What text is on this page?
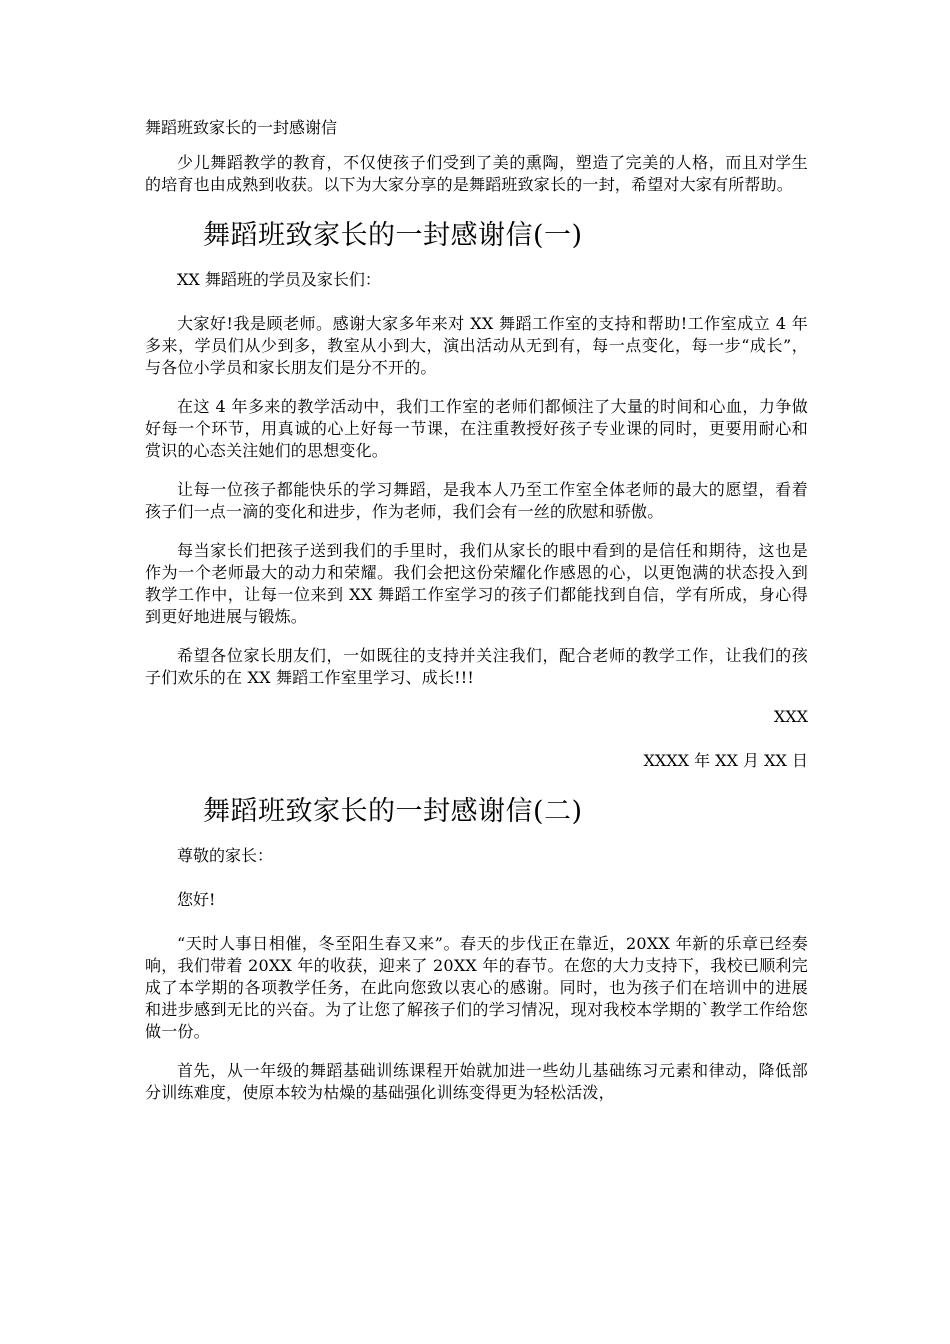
舞蹈班致家长的一封感谢信

少儿舞蹈教学的教育，不仅使孩子们受到了美的熏陶，塑造了完美的人格，而且对学生的培育也由成熟到收获。以下为大家分享的是舞蹈班致家长的一封，希望对大家有所帮助。

舞蹈班致家长的一封感谢信(一)

XX 舞蹈班的学员及家长们：

大家好!我是顾老师。感谢大家多年来对 XX 舞蹈工作室的支持和帮助!工作室成立 4 年多来，学员们从少到多，教室从小到大，演出活动从无到有，每一点变化，每一步“成长”，与各位小学员和家长朋友们是分不开的。

在这 4 年多来的教学活动中，我们工作室的老师们都倾注了大量的时间和心血，力争做好每一个环节，用真诚的心上好每一节课，在注重教授好孩子专业课的同时，更要用耐心和赏识的心态关注她们的思想变化。

让每一位孩子都能快乐的学习舞蹈，是我本人乃至工作室全体老师的最大的愿望，看着孩子们一点一滴的变化和进步，作为老师，我们会有一丝的欣慰和骄傲。

每当家长们把孩子送到我们的手里时，我们从家长的眼中看到的是信任和期待，这也是作为一个老师最大的动力和荣耀。我们会把这份荣耀化作感恩的心，以更饱满的状态投入到教学工作中，让每一位来到 XX 舞蹈工作室学习的孩子们都能找到自信，学有所成，身心得到更好地进展与锻炼。

希望各位家长朋友们，一如既往的支持并关注我们，配合老师的教学工作，让我们的孩子们欢乐的在 XX 舞蹈工作室里学习、成长!!!

XXX

XXXX 年 XX 月 XX 日

舞蹈班致家长的一封感谢信(二)

尊敬的家长：

您好!

“天时人事日相催，冬至阳生春又来”。春天的步伐正在靠近，20XX 年新的乐章已经奏响，我们带着 20XX 年的收获，迎来了 20XX 年的春节。在您的大力支持下，我校已顺利完成了本学期的各项教学任务，在此向您致以衷心的感谢。同时，也为孩子们在培训中的进展和进步感到无比的兴奋。为了让您了解孩子们的学习情况，现对我校本学期的`教学工作给您做一份。

首先，从一年级的舞蹈基础训练课程开始就加进一些幼儿基础练习元素和律动，降低部分训练难度，使原本较为枯燥的基础强化训练变得更为轻松活泼，
